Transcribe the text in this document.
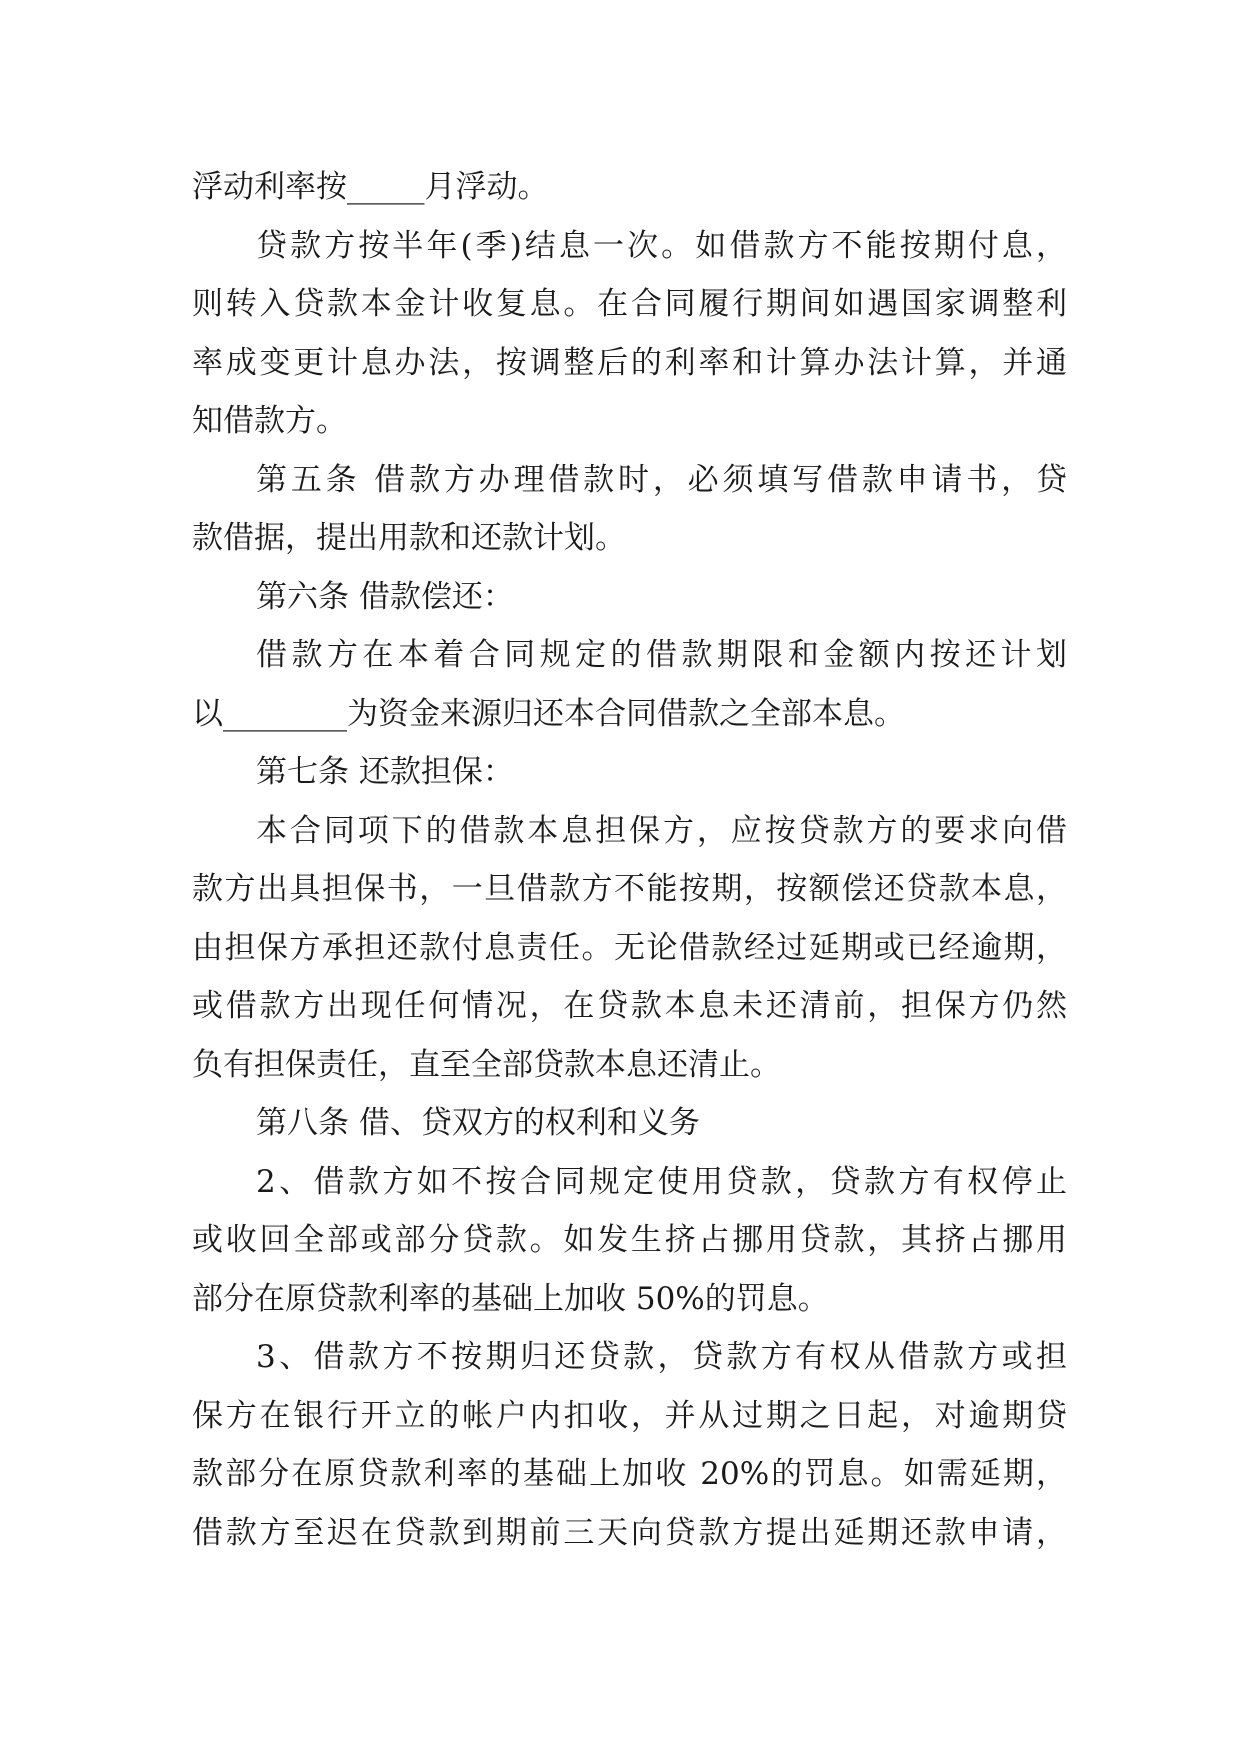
浮动利率按_____月浮动。
贷款方按半年(季)结息一次。如借款方不能按期付息，
则转入贷款本金计收复息。在合同履行期间如遇国家调整利
率成变更计息办法，按调整后的利率和计算办法计算，并通
知借款方。
第五条 借款方办理借款时，必须填写借款申请书，贷
款借据，提出用款和还款计划。
第六条 借款偿还：
借款方在本着合同规定的借款期限和金额内按还计划
以________为资金来源归还本合同借款之全部本息。
第七条 还款担保：
本合同项下的借款本息担保方，应按贷款方的要求向借
款方出具担保书，一旦借款方不能按期，按额偿还贷款本息，
由担保方承担还款付息责任。无论借款经过延期或已经逾期，
或借款方出现任何情况，在贷款本息未还清前，担保方仍然
负有担保责任，直至全部贷款本息还清止。
第八条 借、贷双方的权利和义务
2、借款方如不按合同规定使用贷款，贷款方有权停止
或收回全部或部分贷款。如发生挤占挪用贷款，其挤占挪用
部分在原贷款利率的基础上加收 50%的罚息。
3、借款方不按期归还贷款，贷款方有权从借款方或担
保方在银行开立的帐户内扣收，并从过期之日起，对逾期贷
款部分在原贷款利率的基础上加收 20%的罚息。如需延期，
借款方至迟在贷款到期前三天向贷款方提出延期还款申请，
